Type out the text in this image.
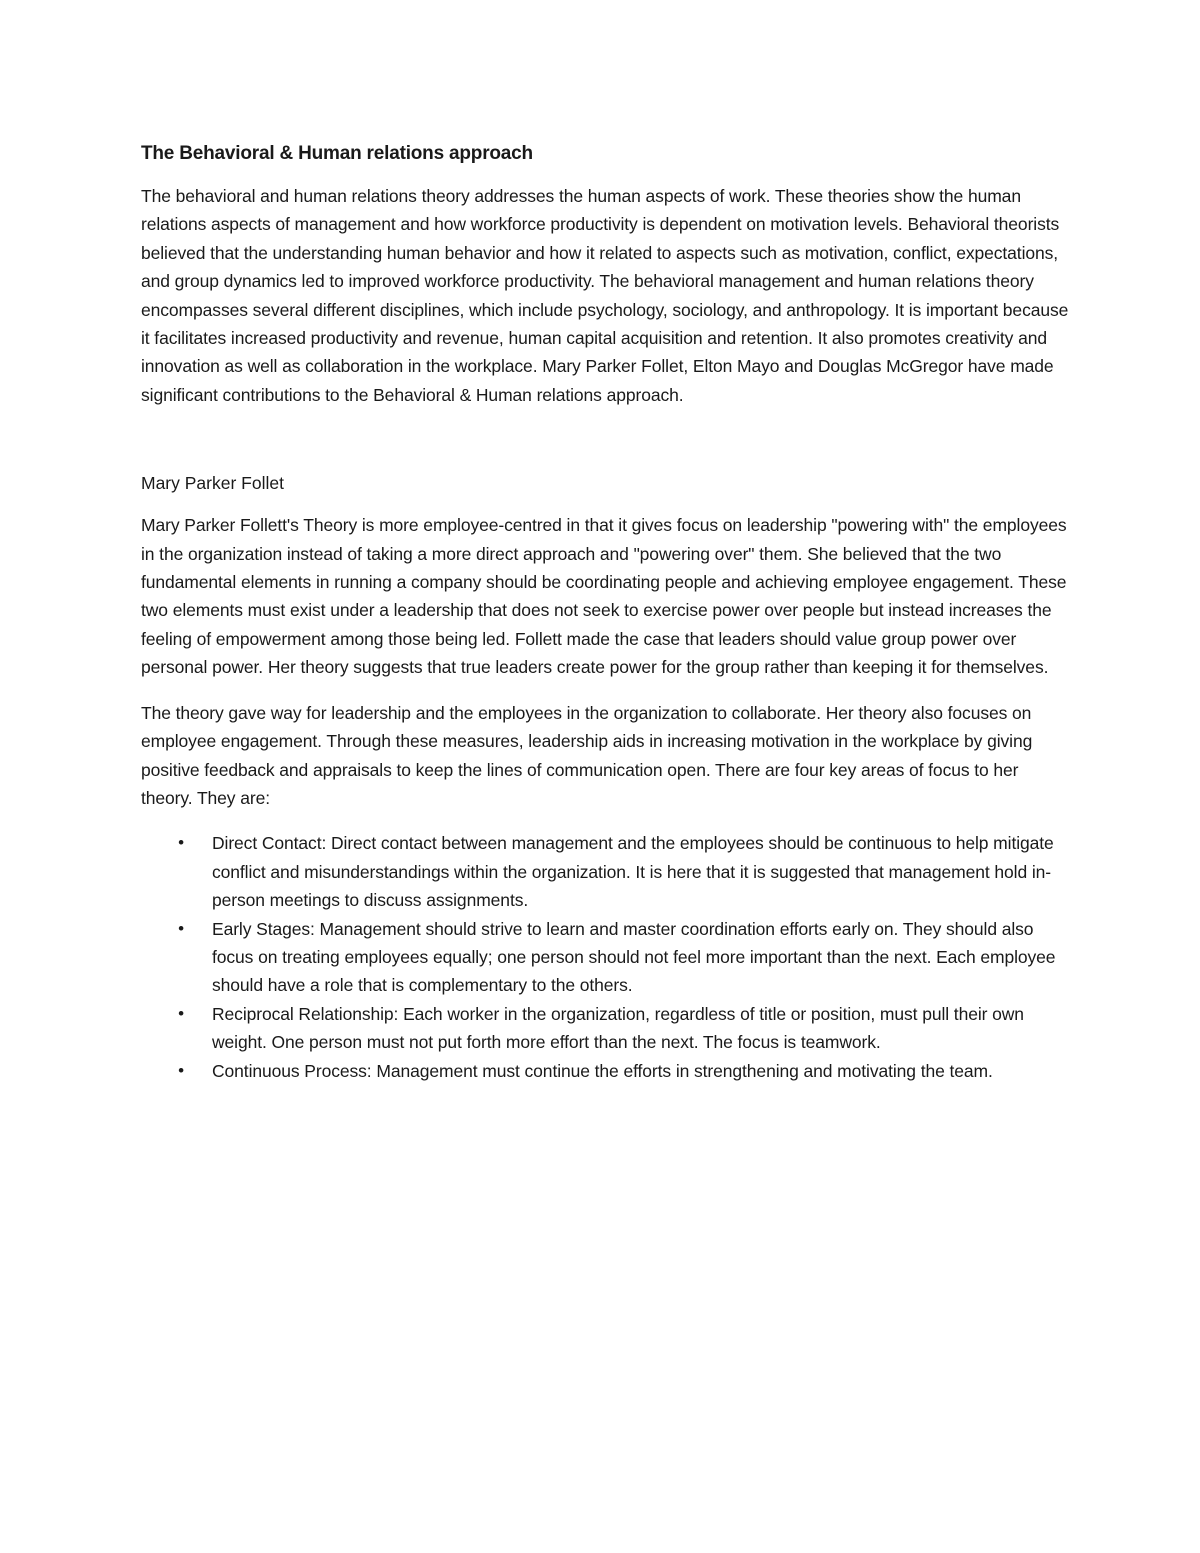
The Behavioral & Human relations approach

The behavioral and human relations theory addresses the human aspects of work. These theories show the human relations aspects of management and how workforce productivity is dependent on motivation levels. Behavioral theorists believed that the understanding human behavior and how it related to aspects such as motivation, conflict, expectations, and group dynamics led to improved workforce productivity. The behavioral management and human relations theory encompasses several different disciplines, which include psychology, sociology, and anthropology. It is important because it facilitates increased productivity and revenue, human capital acquisition and retention. It also promotes creativity and innovation as well as collaboration in the workplace. Mary Parker Follet, Elton Mayo and Douglas McGregor have made significant contributions to the Behavioral & Human relations approach.

Mary Parker Follet

Mary Parker Follett's Theory is more employee-centred in that it gives focus on leadership "powering with" the employees in the organization instead of taking a more direct approach and "powering over" them. She believed that the two fundamental elements in running a company should be coordinating people and achieving employee engagement. These two elements must exist under a leadership that does not seek to exercise power over people but instead increases the feeling of empowerment among those being led. Follett made the case that leaders should value group power over personal power. Her theory suggests that true leaders create power for the group rather than keeping it for themselves.

The theory gave way for leadership and the employees in the organization to collaborate. Her theory also focuses on employee engagement. Through these measures, leadership aids in increasing motivation in the workplace by giving positive feedback and appraisals to keep the lines of communication open. There are four key areas of focus to her theory. They are:

• Direct Contact: Direct contact between management and the employees should be continuous to help mitigate conflict and misunderstandings within the organization. It is here that it is suggested that management hold in-person meetings to discuss assignments.
• Early Stages: Management should strive to learn and master coordination efforts early on. They should also focus on treating employees equally; one person should not feel more important than the next. Each employee should have a role that is complementary to the others.
• Reciprocal Relationship: Each worker in the organization, regardless of title or position, must pull their own weight. One person must not put forth more effort than the next. The focus is teamwork.
• Continuous Process: Management must continue the efforts in strengthening and motivating the team.
